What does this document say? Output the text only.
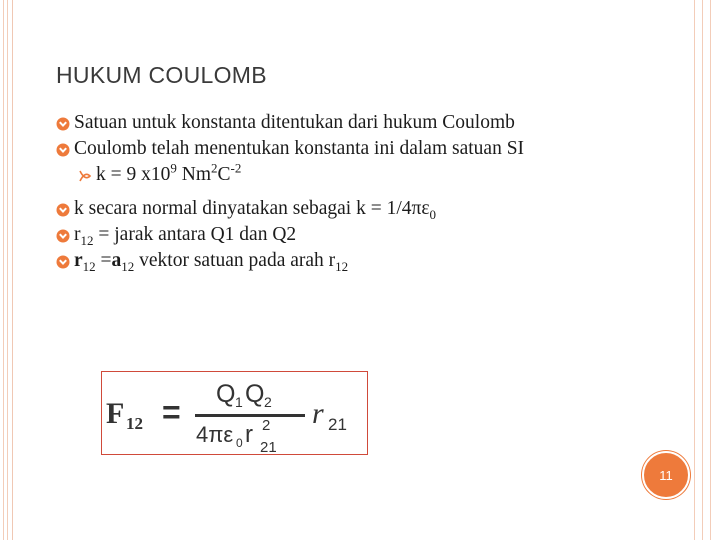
HUKUM COULOMB
Satuan untuk konstanta ditentukan dari hukum Coulomb
Coulomb telah menentukan konstanta ini dalam satuan SI
k = 9 $x10^9$ $Nm^2C^{-2}$
k secara normal dinyatakan sebagai $k = 1/4\pi\varepsilon_0$
$r_{12}$ = jarak antara Q1 dan Q2
$r_{12} =a_{12}$ vektor satuan pada arah $r_{12}$
F 12 = Q 1 Q 2
4πε 0 r 2
21
r 21
11
